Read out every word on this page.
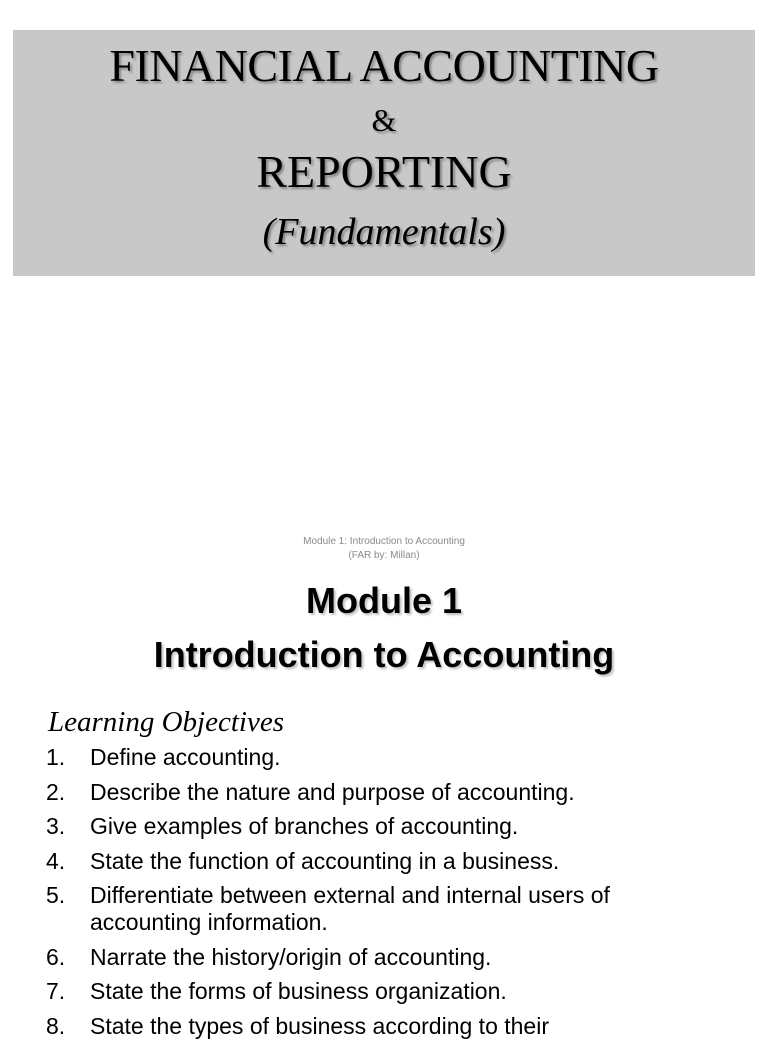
FINANCIAL ACCOUNTING
&
REPORTING
(Fundamentals)
Module 1: Introduction to Accounting
(FAR by: Millan)
Module 1
Introduction to Accounting
Learning Objectives
1. Define accounting.
2. Describe the nature and purpose of accounting.
3. Give examples of branches of accounting.
4. State the function of accounting in a business.
5. Differentiate between external and internal users of accounting information.
6. Narrate the history/origin of accounting.
7. State the forms of business organization.
8. State the types of business according to their
